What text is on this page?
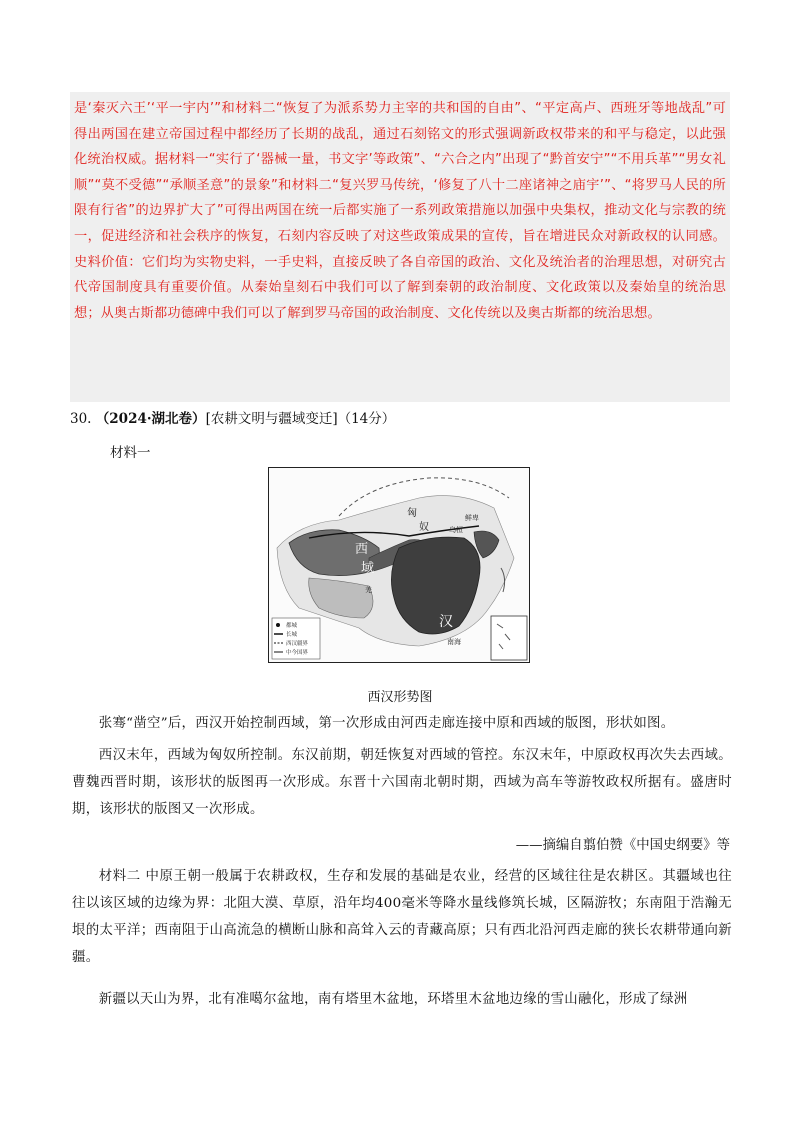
是‘秦灭六王’‘平一宇内’”和材料二“恢复了为派系势力主宰的共和国的自由”、“平定高卢、西班牙等地战乱”可得出两国在建立帝国过程中都经历了长期的战乱，通过石刻铭文的形式强调新政权带来的和平与稳定，以此强化统治权威。据材料一“实行了‘器械一量，书文字’等政策”、“六合之内”出现了“黔首安宁”“不用兵革”“男女礼顺”“莫不受德”“承顺圣意”的景象”和材料二“复兴罗马传统，‘修复了八十二座诸神之庙宇’”、“将罗马人民的所限有行省”的边界扩大了”可得出两国在统一后都实施了一系列政策措施以加强中央集权，推动文化与宗教的统一，促进经济和社会秩序的恢复，石刻内容反映了对这些政策成果的宣传，旨在增进民众对新政权的认同感。 史料价值：它们均为实物史料，一手史料，直接反映了各自帝国的政治、文化及统治者的治理思想，对研究古代帝国制度具有重要价值。从秦始皇刻石中我们可以了解到秦朝的政治制度、文化政策以及秦始皇的统治思想；从奥古斯都功德碑中我们可以了解到罗马帝国的政治制度、文化传统以及奥古斯都的统治思想。

30. （2024·湖北卷）[农耕文明与疆域变迁]（14分）
材料一
都城
长城
西汉疆界
中今国界
西
域
汉
匈
奴
鲜卑
乌桓
羌
南海
西汉形势图

张骞“凿空”后，西汉开始控制西域，第一次形成由河西走廊连接中原和西域的版图，形状如图。

西汉末年，西域为匈奴所控制。东汉前期，朝廷恢复对西域的管控。东汉末年，中原政权再次失去西域。曹魏西晋时期，该形状的版图再一次形成。东晋十六国南北朝时期，西域为高车等游牧政权所据有。盛唐时期，该形状的版图又一次形成。

——摘编自翦伯赞《中国史纲要》等

材料二 中原王朝一般属于农耕政权，生存和发展的基础是农业，经营的区域往往是农耕区。其疆域也往往以该区域的边缘为界：北阻大漠、草原，沿年均400毫米等降水量线修筑长城，区隔游牧；东南阻于浩瀚无垠的太平洋；西南阻于山高流急的横断山脉和高耸入云的青藏高原；只有西北沿河西走廊的狭长农耕带通向新疆。

新疆以天山为界，北有准噶尔盆地，南有塔里木盆地，环塔里木盆地边缘的雪山融化，形成了绿洲
